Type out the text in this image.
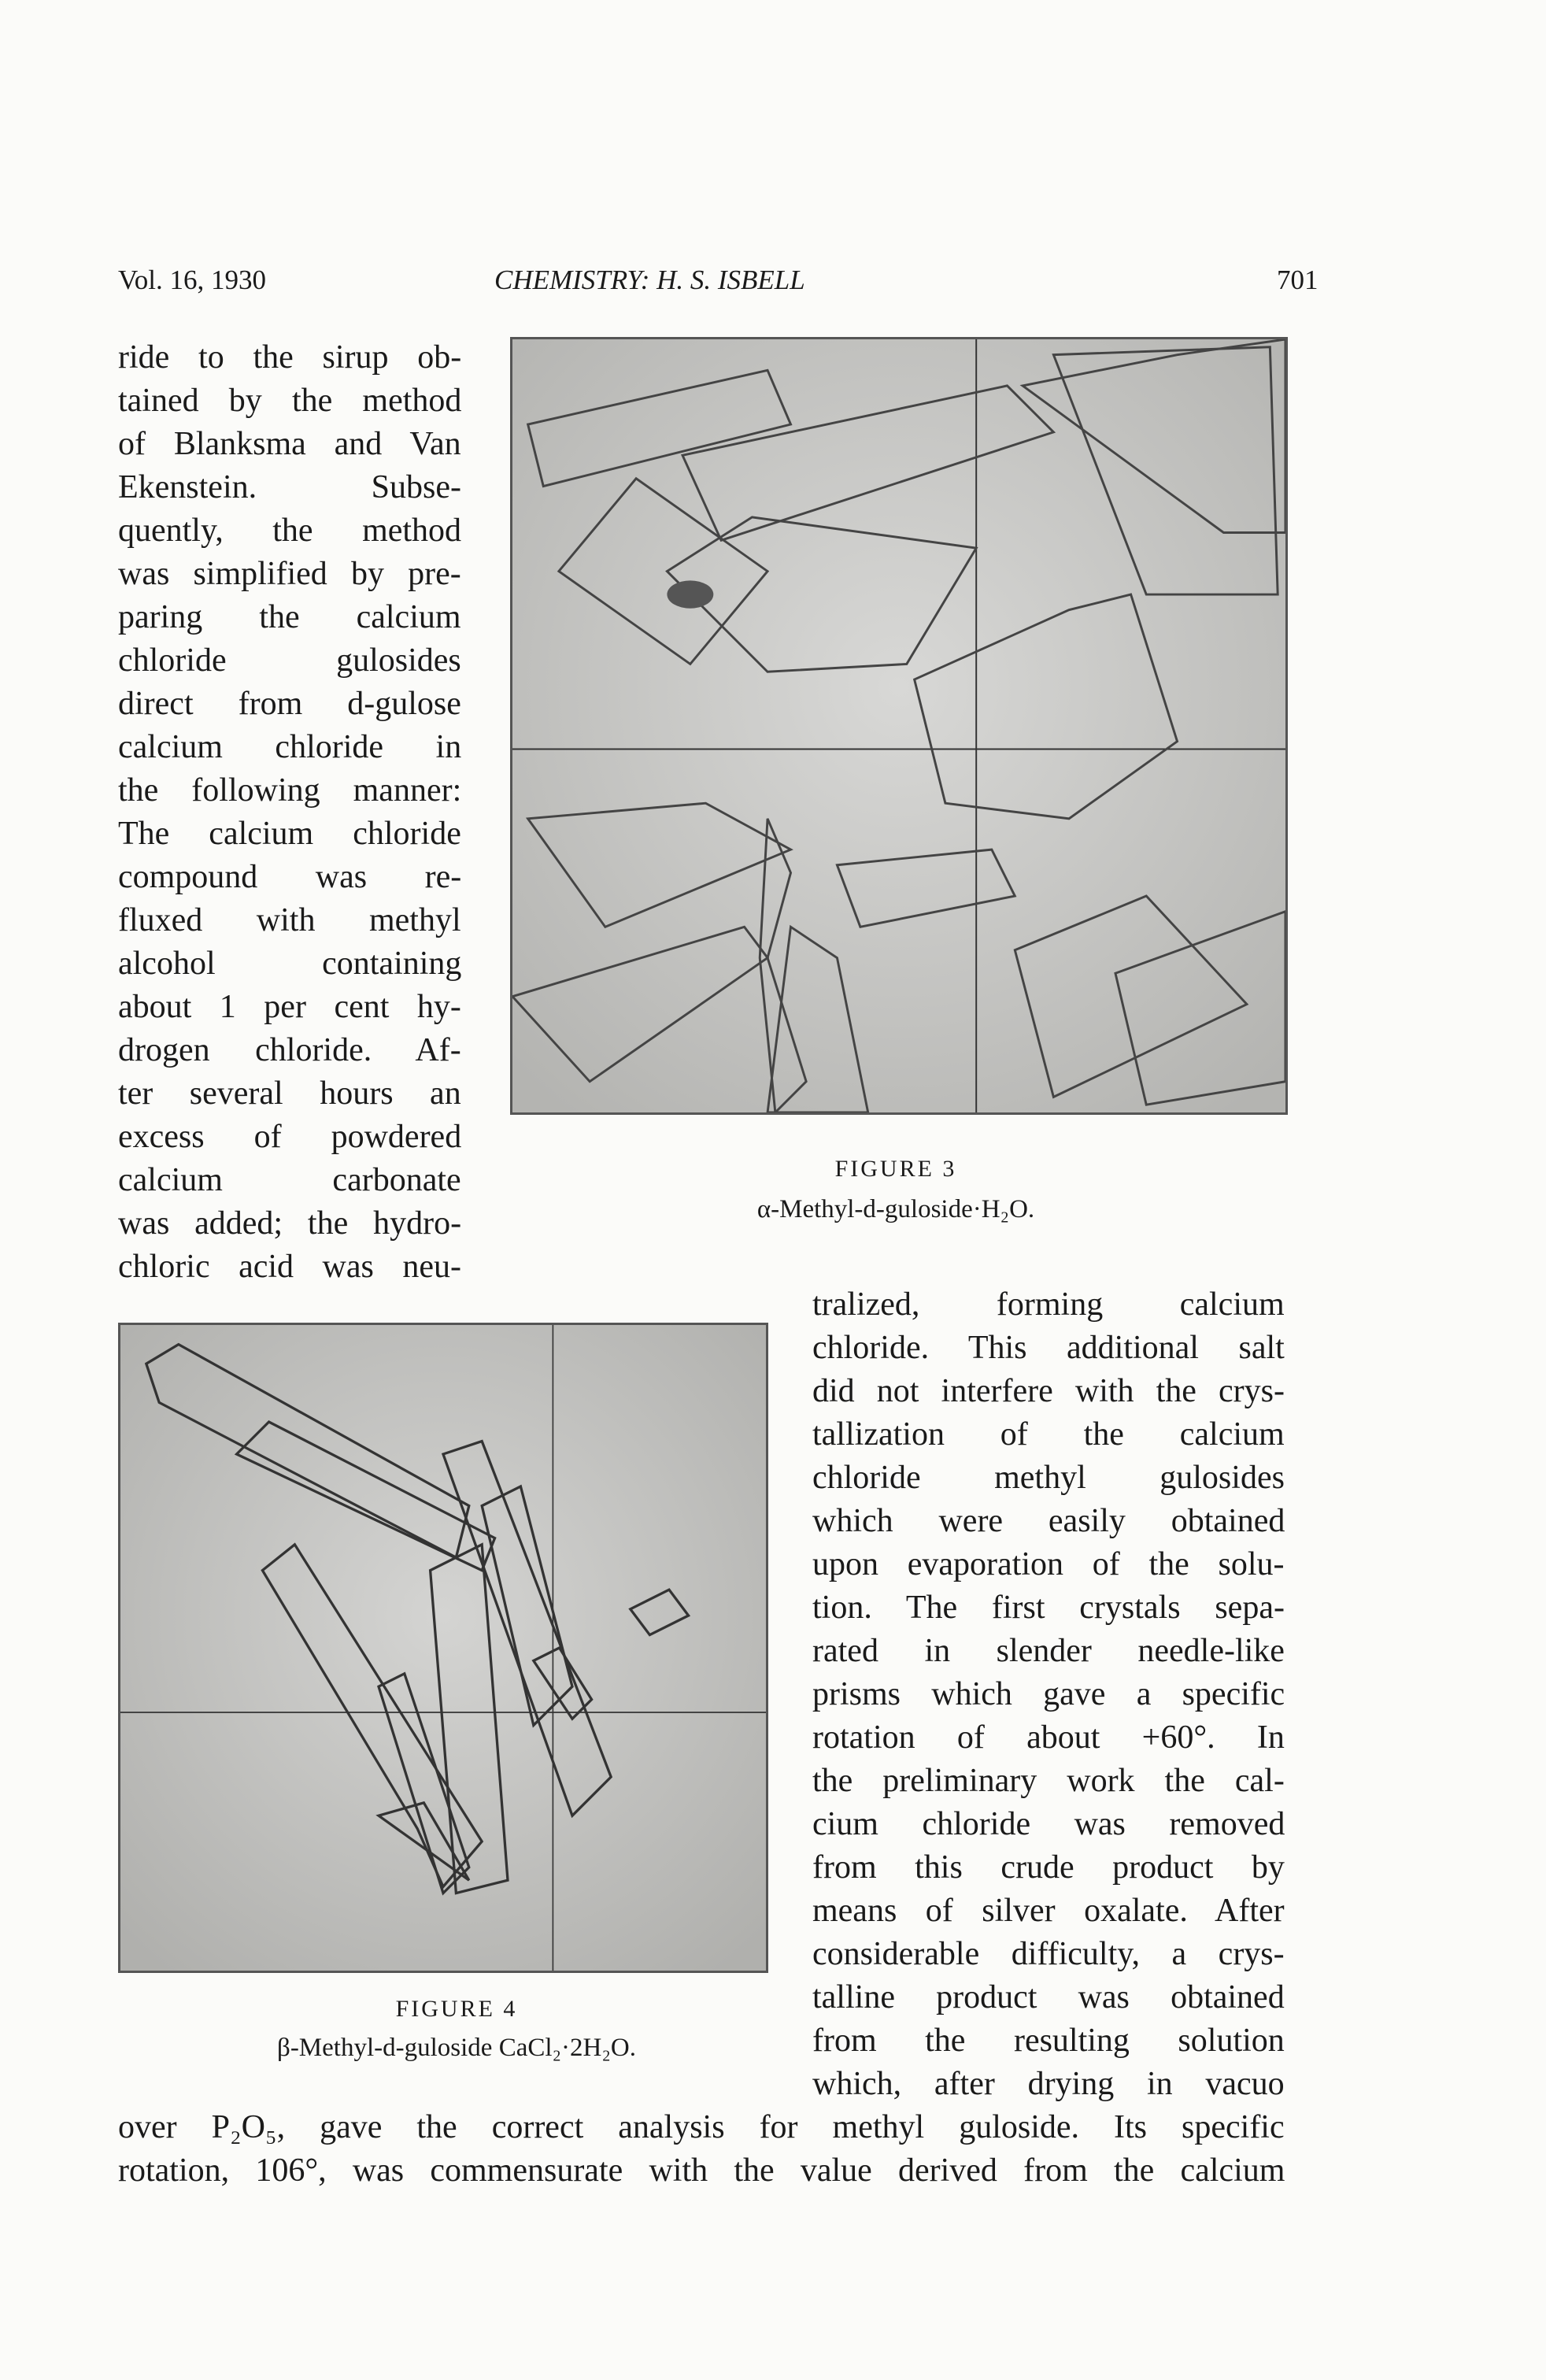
Vol. 16, 1930	CHEMISTRY: H. S. ISBELL	701
ride to the sirup ob-
tained by the method
of Blanksma and Van
Ekenstein. Subse-
quently, the method
was simplified by pre-
paring the calcium
chloride gulosides
direct from d-gulose
calcium chloride in
the following manner:
The calcium chloride
compound was re-
fluxed with methyl
alcohol containing
about 1 per cent hy-
drogen chloride. Af-
ter several hours an
excess of powdered
calcium carbonate
was added; the hydro-
chloric acid was neu-
FIGURE 3
α-Methyl-d-guloside·H₂O.
FIGURE 4
β-Methyl-d-guloside CaCl₂·2H₂O.
tralized, forming calcium
chloride. This additional salt
did not interfere with the crys-
tallization of the calcium
chloride methyl gulosides
which were easily obtained
upon evaporation of the solu-
tion. The first crystals sepa-
rated in slender needle-like
prisms which gave a specific
rotation of about +60°. In
the preliminary work the cal-
cium chloride was removed
from this crude product by
means of silver oxalate. After
considerable difficulty, a crys-
talline product was obtained
from the resulting solution
which, after drying in vacuo
over P₂O₅, gave the correct analysis for methyl guloside. Its specific
rotation, 106°, was commensurate with the value derived from the calcium
